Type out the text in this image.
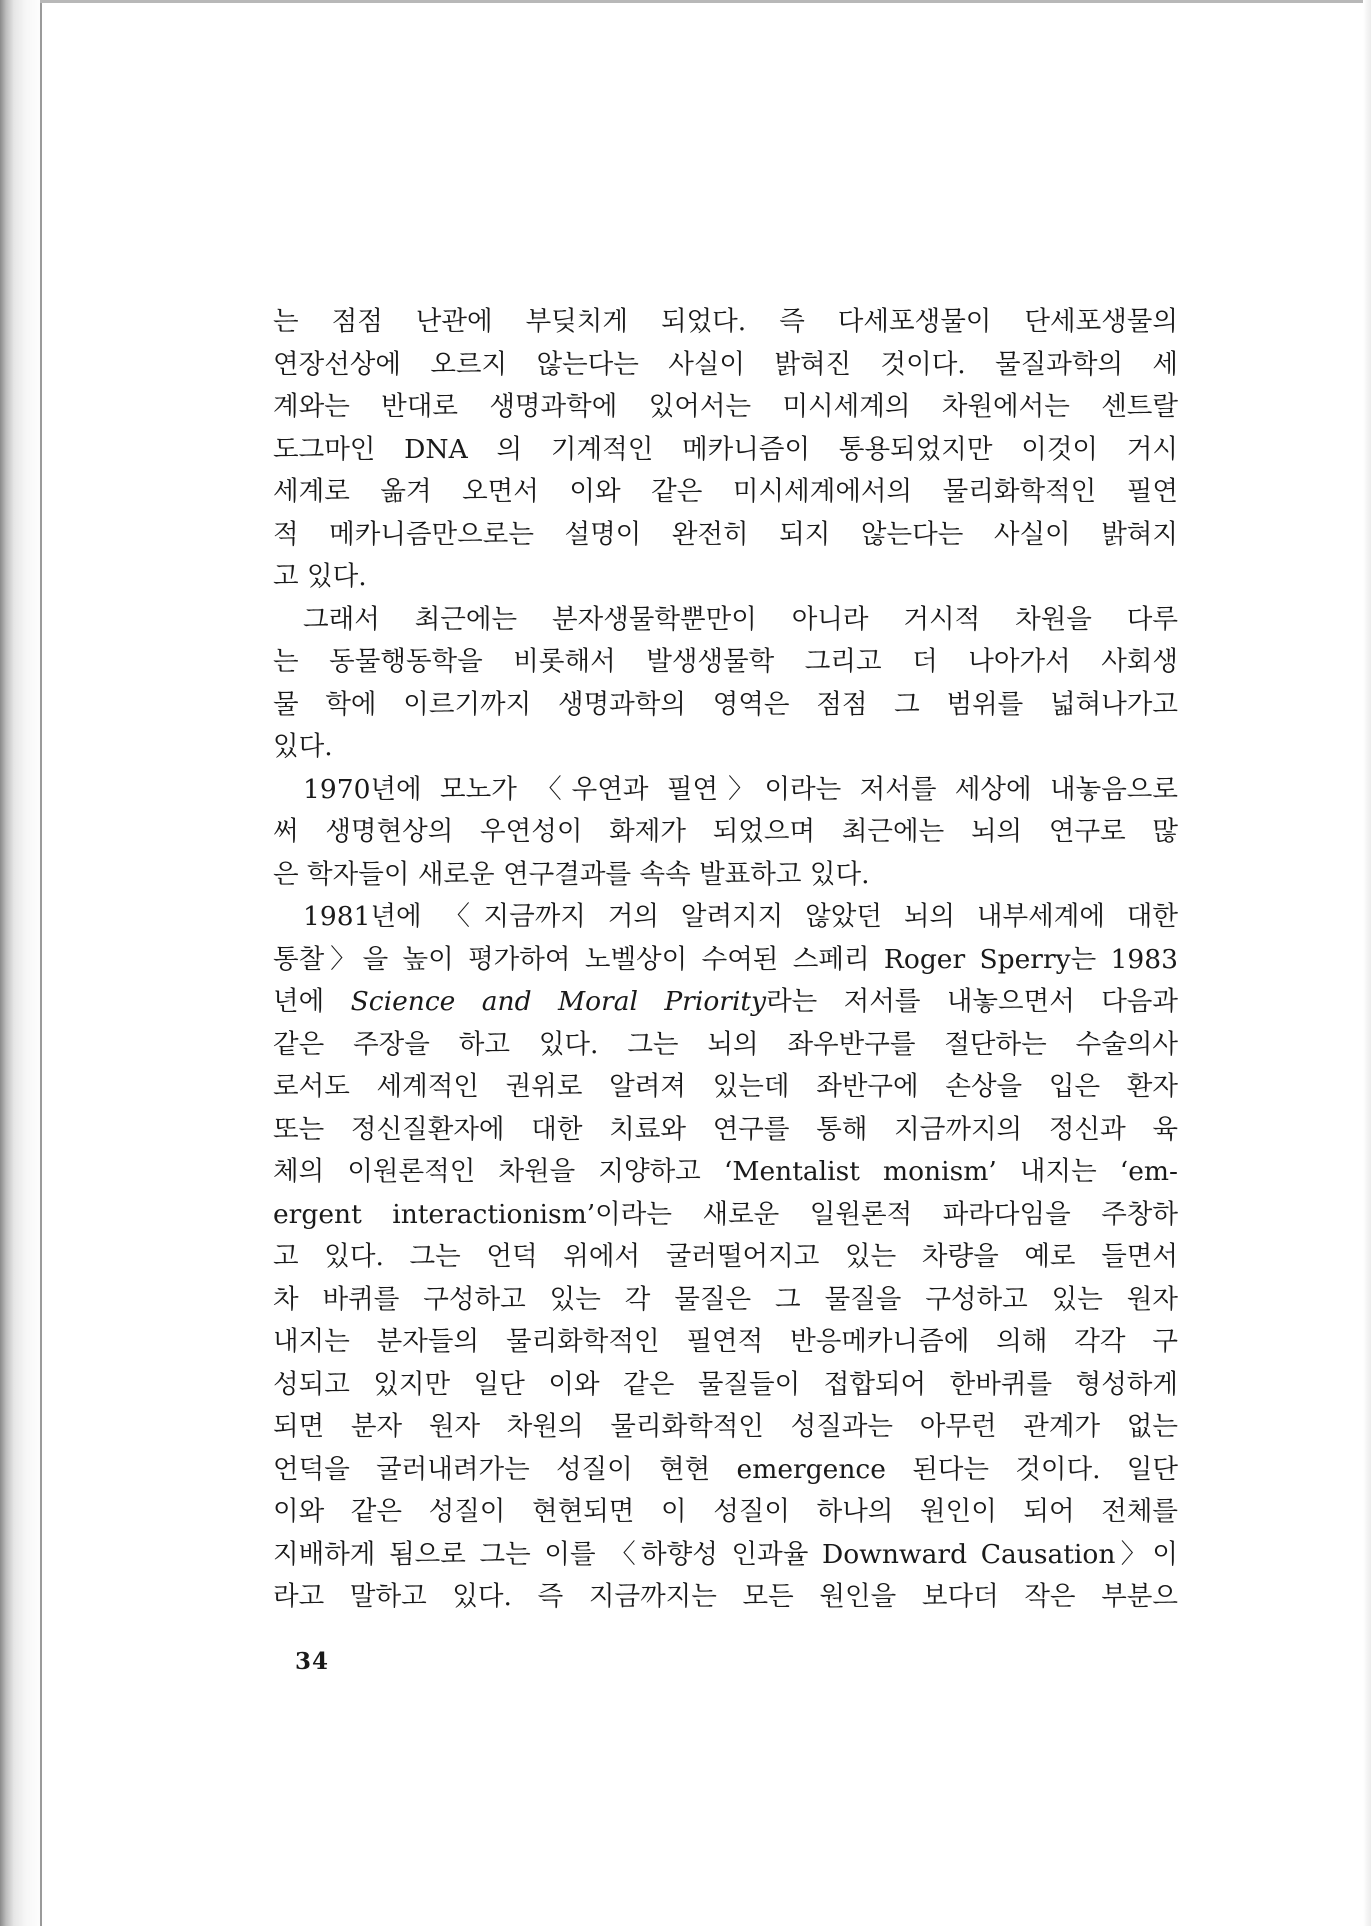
는 점점 난관에 부딪치게 되었다. 즉 다세포생물이 단세포생물의
연장선상에 오르지 않는다는 사실이 밝혀진 것이다. 물질과학의 세
계와는 반대로 생명과학에 있어서는 미시세계의 차원에서는 센트랄
도그마인 DNA 의 기계적인 메카니즘이 통용되었지만 이것이 거시
세계로 옮겨 오면서 이와 같은 미시세계에서의 물리화학적인 필연
적 메카니즘만으로는 설명이 완전히 되지 않는다는 사실이 밝혀지
고 있다.
그래서 최근에는 분자생물학뿐만이 아니라 거시적 차원을 다루
는 동물행동학을 비롯해서 발생생물학 그리고 더 나아가서 사회생
물 학에 이르기까지 생명과학의 영역은 점점 그 범위를 넓혀나가고
있다.
1970년에 모노가 〈우연과 필연〉이라는 저서를 세상에 내놓음으로
써 생명현상의 우연성이 화제가 되었으며 최근에는 뇌의 연구로 많
은 학자들이 새로운 연구결과를 속속 발표하고 있다.
1981년에 〈지금까지 거의 알려지지 않았던 뇌의 내부세계에 대한
통찰〉을 높이 평가하여 노벨상이 수여된 스페리 Roger Sperry는 1983
년에 Science and Moral Priority라는 저서를 내놓으면서 다음과
같은 주장을 하고 있다. 그는 뇌의 좌우반구를 절단하는 수술의사
로서도 세계적인 권위로 알려져 있는데 좌반구에 손상을 입은 환자
또는 정신질환자에 대한 치료와 연구를 통해 지금까지의 정신과 육
체의 이원론적인 차원을 지양하고 ‘Mentalist monism’ 내지는 ‘em-
ergent interactionism’이라는 새로운 일원론적 파라다임을 주창하
고 있다. 그는 언덕 위에서 굴러떨어지고 있는 차량을 예로 들면서
차 바퀴를 구성하고 있는 각 물질은 그 물질을 구성하고 있는 원자
내지는 분자들의 물리화학적인 필연적 반응메카니즘에 의해 각각 구
성되고 있지만 일단 이와 같은 물질들이 접합되어 한바퀴를 형성하게
되면 분자 원자 차원의 물리화학적인 성질과는 아무런 관계가 없는
언덕을 굴러내려가는 성질이 현현 emergence 된다는 것이다. 일단
이와 같은 성질이 현현되면 이 성질이 하나의 원인이 되어 전체를
지배하게 됨으로 그는 이를 〈하향성 인과율 Downward Causation〉이
라고 말하고 있다. 즉 지금까지는 모든 원인을 보다더 작은 부분으
34
